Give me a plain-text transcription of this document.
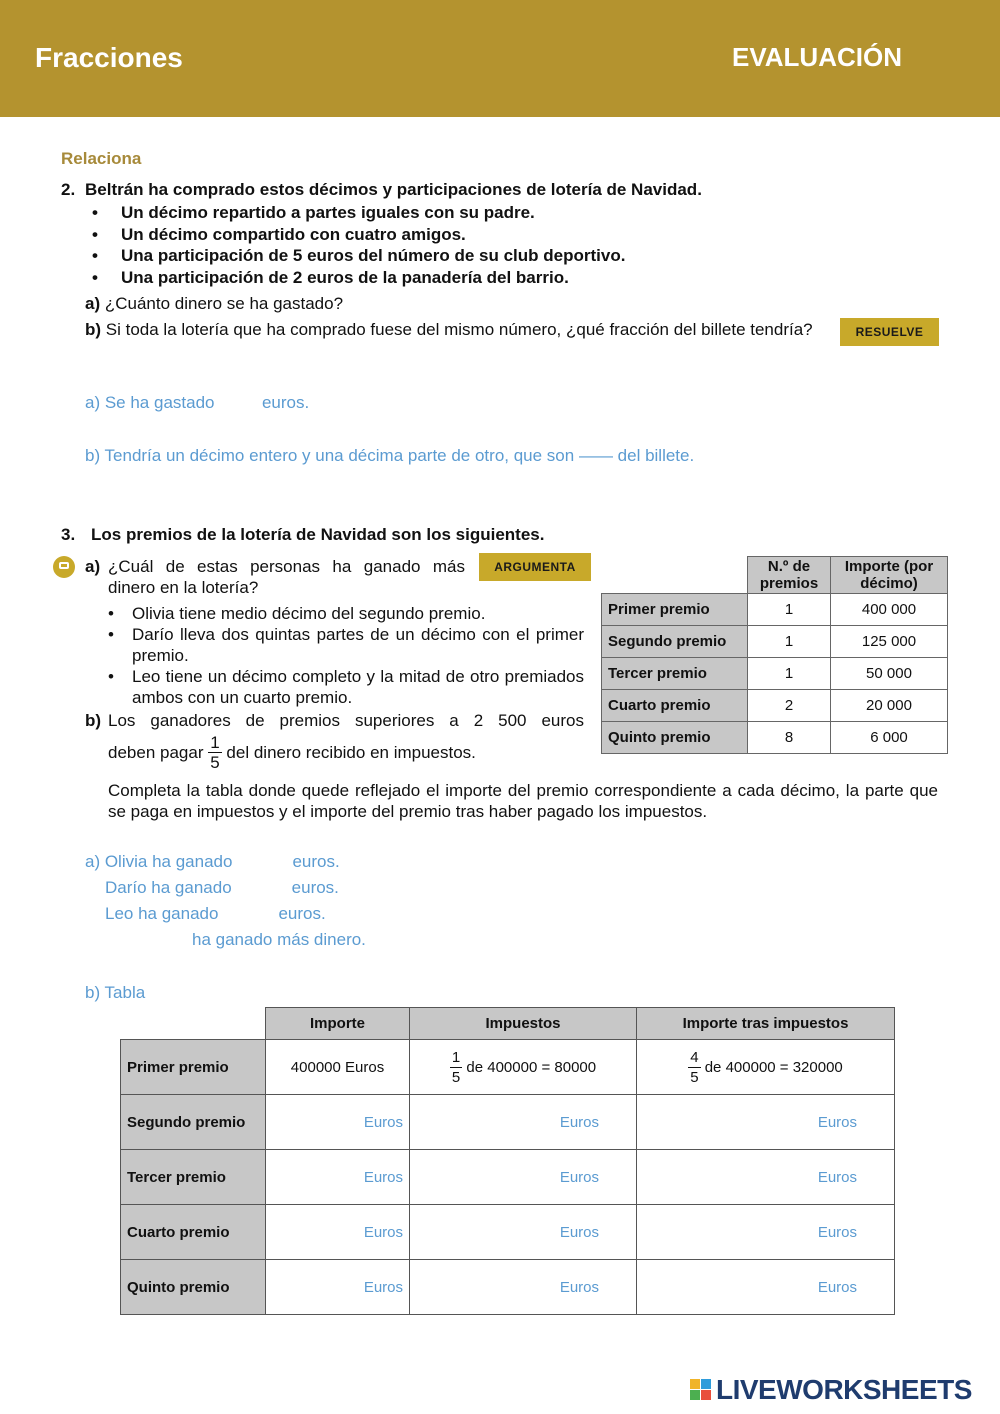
Fracciones	EVALUACIÓN
Relaciona
2. Beltrán ha comprado estos décimos y participaciones de lotería de Navidad.
• Un décimo repartido a partes iguales con su padre.
• Un décimo compartido con cuatro amigos.
• Una participación de 5 euros del número de su club deportivo.
• Una participación de 2 euros de la panadería del barrio.
a) ¿Cuánto dinero se ha gastado?
b) Si toda la lotería que ha comprado fuese del mismo número, ¿qué fracción del billete tendría?	RESUELVE
a) Se ha gastado	euros.
b) Tendría un décimo entero y una décima parte de otro, que son —— del billete.
3. Los premios de la lotería de Navidad son los siguientes.
a) ¿Cuál de estas personas ha ganado más dinero en la lotería?
ARGUMENTA
• Olivia tiene medio décimo del segundo premio.
• Darío lleva dos quintas partes de un décimo con el primer premio.
• Leo tiene un décimo completo y la mitad de otro premiados ambos con un cuarto premio.
b) Los ganadores de premios superiores a 2 500 euros
deben pagar $\frac{1}{5}$ del dinero recibido en impuestos.
Completa la tabla donde quede reflejado el importe del premio correspondiente a cada décimo, la parte que se paga en impuestos y el importe del premio tras haber pagado los impuestos.
	N.º de premios	Importe (por décimo)
Primer premio	1	400 000
Segundo premio	1	125 000
Tercer premio	1	50 000
Cuarto premio	2	20 000
Quinto premio	8	6 000
a) Olivia ha ganado	euros.
Darío ha ganado	euros.
Leo ha ganado	euros.
ha ganado más dinero.
b) Tabla
	Importe	Impuestos	Importe tras impuestos
Primer premio	400000 Euros	$\frac{1}{5}$ de 400000 = 80000	$\frac{4}{5}$ de 400000 = 320000
Segundo premio	Euros	Euros	Euros
Tercer premio	Euros	Euros	Euros
Cuarto premio	Euros	Euros	Euros
Quinto premio	Euros	Euros	Euros
LIVEWORKSHEETS
